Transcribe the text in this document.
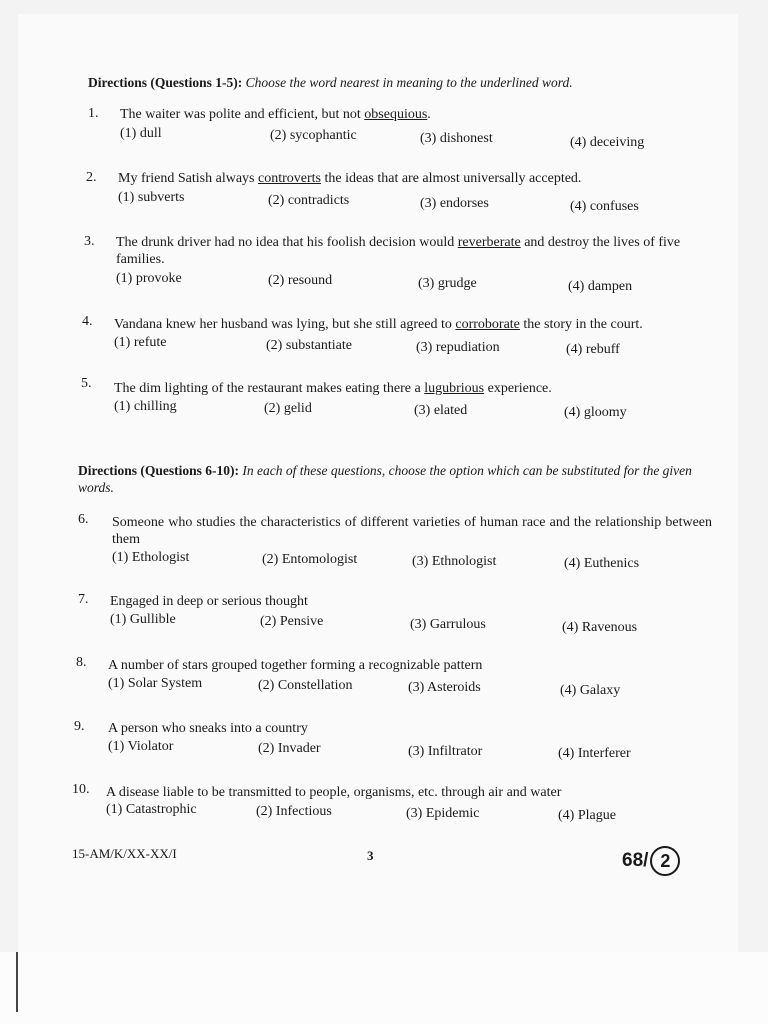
Directions (Questions 1-5): Choose the word nearest in meaning to the underlined word.
1. The waiter was polite and efficient, but not obsequious.
(1) dull	(2) sycophantic	(3) dishonest	(4) deceiving
2. My friend Satish always controverts the ideas that are almost universally accepted.
(1) subverts	(2) contradicts	(3) endorses	(4) confuses
3. The drunk driver had no idea that his foolish decision would reverberate and destroy the lives of five families.
(1) provoke	(2) resound	(3) grudge	(4) dampen
4. Vandana knew her husband was lying, but she still agreed to corroborate the story in the court.
(1) refute	(2) substantiate	(3) repudiation	(4) rebuff
5. The dim lighting of the restaurant makes eating there a lugubrious experience.
(1) chilling	(2) gelid	(3) elated	(4) gloomy
Directions (Questions 6-10): In each of these questions, choose the option which can be substituted for the given words.
6. Someone who studies the characteristics of different varieties of human race and the relationship between them
(1) Ethologist	(2) Entomologist	(3) Ethnologist	(4) Euthenics
7. Engaged in deep or serious thought
(1) Gullible	(2) Pensive	(3) Garrulous	(4) Ravenous
8. A number of stars grouped together forming a recognizable pattern
(1) Solar System	(2) Constellation	(3) Asteroids	(4) Galaxy
9. A person who sneaks into a country
(1) Violator	(2) Invader	(3) Infiltrator	(4) Interferer
10. A disease liable to be transmitted to people, organisms, etc. through air and water
(1) Catastrophic	(2) Infectious	(3) Epidemic	(4) Plague
15-AM/K/XX-XX/I	3	68/ 2
